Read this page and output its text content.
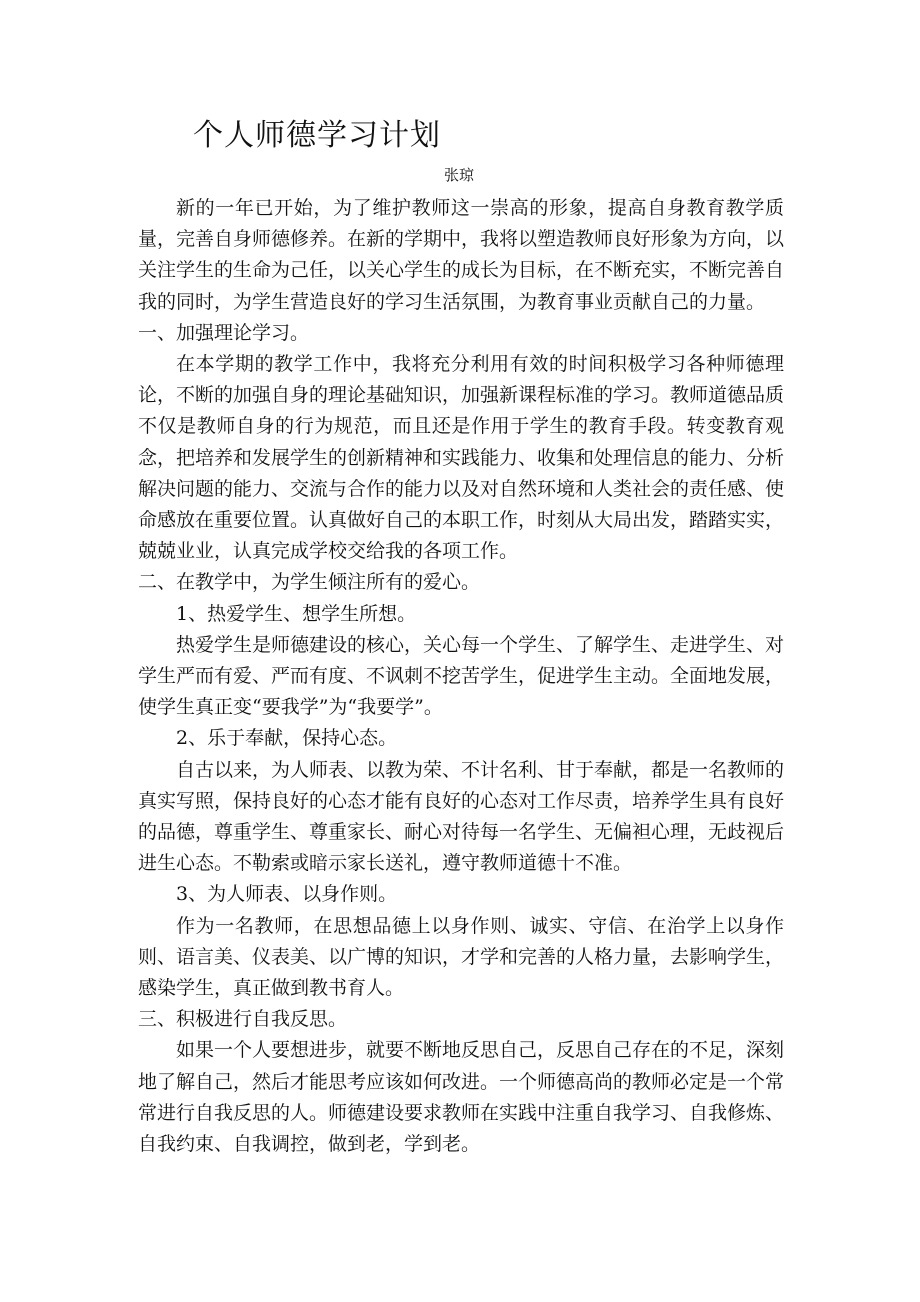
个人师德学习计划
张琼

新的一年已开始，为了维护教师这一崇高的形象，提高自身教育教学质量，完善自身师德修养。在新的学期中，我将以塑造教师良好形象为方向，以关注学生的生命为己任，以关心学生的成长为目标，在不断充实，不断完善自我的同时，为学生营造良好的学习生活氛围，为教育事业贡献自己的力量。

一、加强理论学习。

在本学期的教学工作中，我将充分利用有效的时间积极学习各种师德理论，不断的加强自身的理论基础知识，加强新课程标准的学习。教师道德品质不仅是教师自身的行为规范，而且还是作用于学生的教育手段。转变教育观念，把培养和发展学生的创新精神和实践能力、收集和处理信息的能力、分析解决问题的能力、交流与合作的能力以及对自然环境和人类社会的责任感、使命感放在重要位置。认真做好自己的本职工作，时刻从大局出发，踏踏实实，兢兢业业，认真完成学校交给我的各项工作。

二、在教学中，为学生倾注所有的爱心。

1、热爱学生、想学生所想。

热爱学生是师德建设的核心，关心每一个学生、了解学生、走进学生、对学生严而有爱、严而有度、不讽刺不挖苦学生，促进学生主动。全面地发展，使学生真正变“要我学”为“我要学”。

2、乐于奉献，保持心态。

自古以来，为人师表、以教为荣、不计名利、甘于奉献，都是一名教师的真实写照，保持良好的心态才能有良好的心态对工作尽责，培养学生具有良好的品德，尊重学生、尊重家长、耐心对待每一名学生、无偏袒心理，无歧视后进生心态。不勒索或暗示家长送礼，遵守教师道德十不准。

3、为人师表、以身作则。

作为一名教师，在思想品德上以身作则、诚实、守信、在治学上以身作则、语言美、仪表美、以广博的知识，才学和完善的人格力量，去影响学生，感染学生，真正做到教书育人。

三、积极进行自我反思。

如果一个人要想进步，就要不断地反思自己，反思自己存在的不足，深刻地了解自己，然后才能思考应该如何改进。一个师德高尚的教师必定是一个常常进行自我反思的人。师德建设要求教师在实践中注重自我学习、自我修炼、自我约束、自我调控，做到老，学到老。
